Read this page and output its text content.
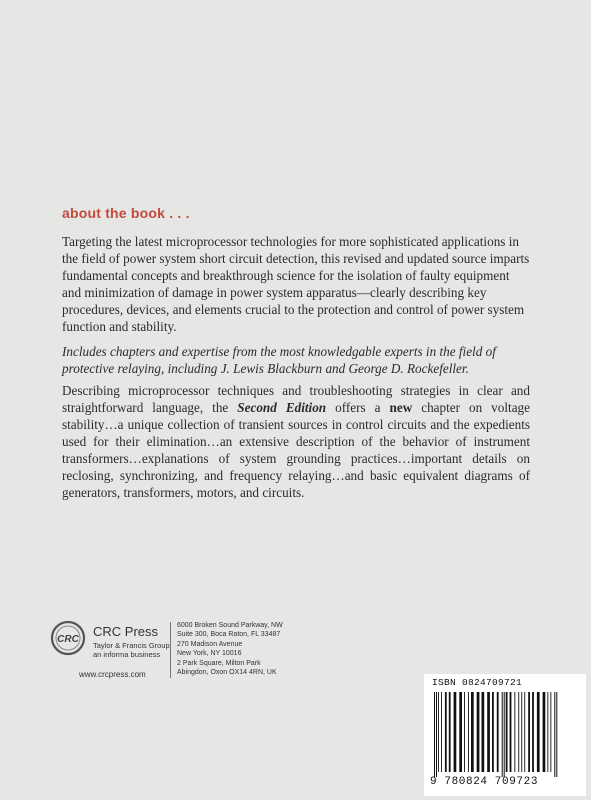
about the book . . .

Targeting the latest microprocessor technologies for more sophisticated applications in the field of power system short circuit detection, this revised and updated source imparts fundamental concepts and breakthrough science for the isolation of faulty equipment and minimization of damage in power system apparatus—clearly describing key procedures, devices, and elements crucial to the protection and control of power system function and stability.

Includes chapters and expertise from the most knowledgable experts in the field of protective relaying, including J. Lewis Blackburn and George D. Rockefeller.

Describing microprocessor techniques and troubleshooting strategies in clear and straightforward language, the Second Edition offers a new chapter on voltage stability…a unique collection of transient sources in control circuits and the expedients used for their elimination…an extensive description of the behavior of instrument transformers…explanations of system grounding practices…important details on reclosing, synchronizing, and frequency relaying…and basic equivalent diagrams of generators, transformers, motors, and circuits.

CRC

CRC Press

Taylor & Francis Group
an informa business

www.crcpress.com

6000 Broken Sound Parkway, NW
Suite 300, Boca Raton, FL 33487
270 Madison Avenue
New York, NY 10016
2 Park Square, Milton Park
Abingdon, Oxon OX14 4RN, UK

ISBN 0824709721

9 780824 709723
